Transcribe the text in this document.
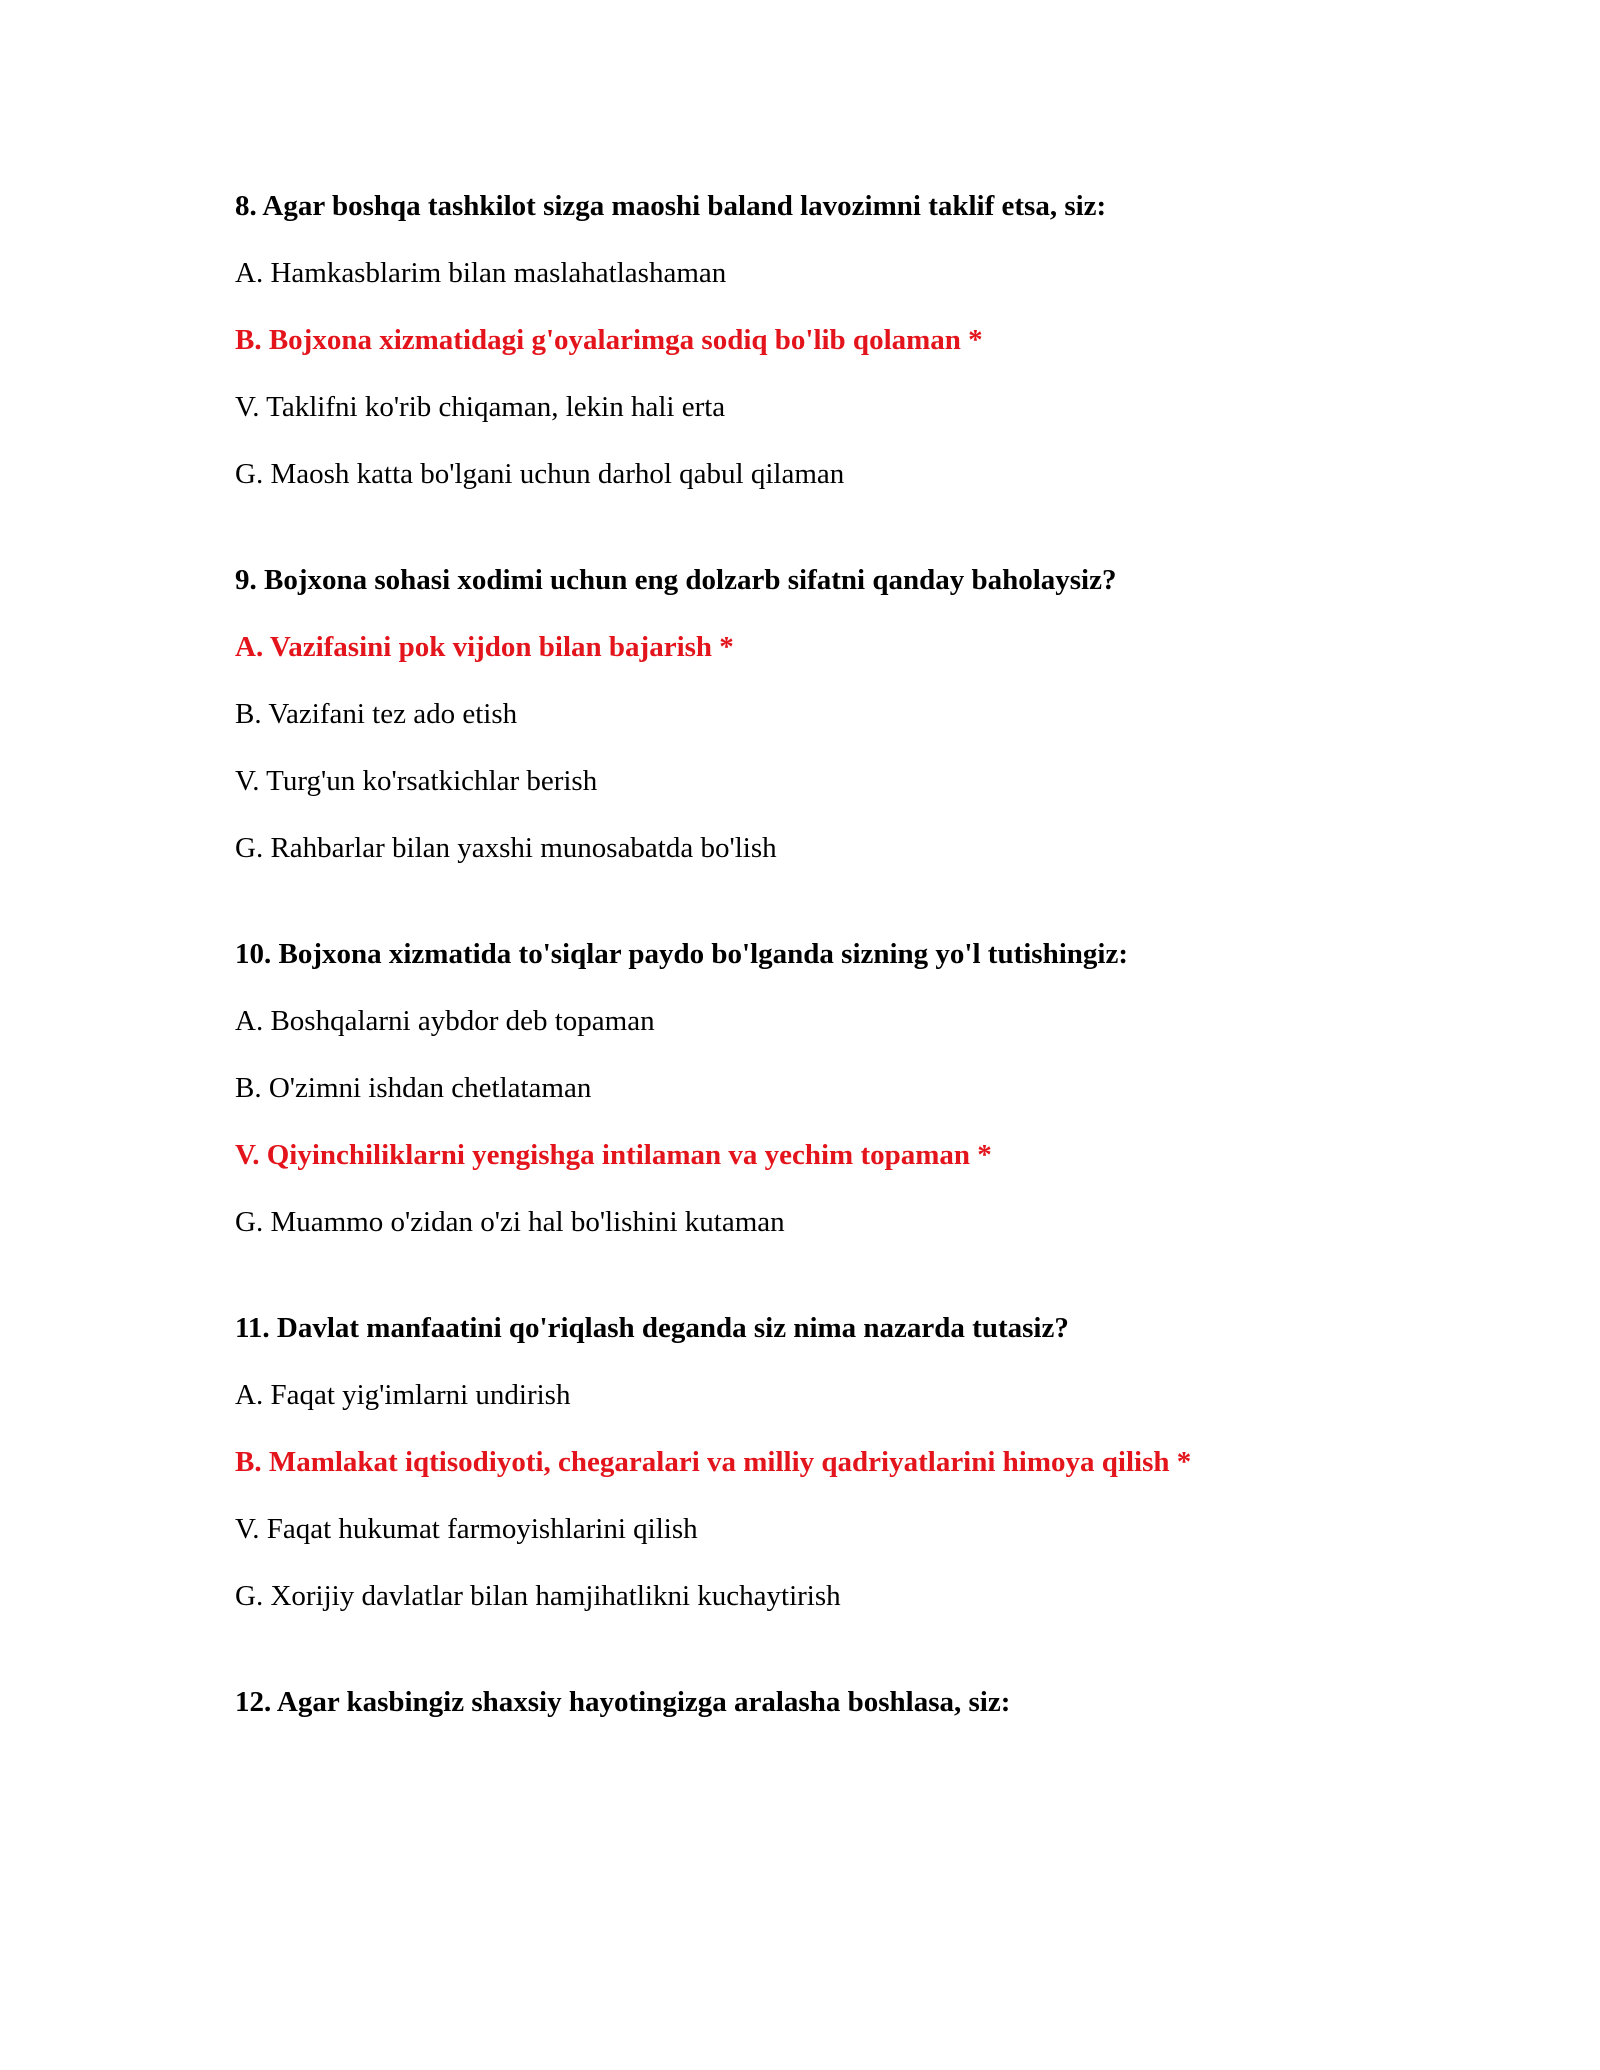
8. Agar boshqa tashkilot sizga maoshi baland lavozimni taklif etsa, siz:
A. Hamkasblarim bilan maslahatlashaman
B. Bojxona xizmatidagi g'oyalarimga sodiq bo'lib qolaman *
V. Taklifni ko'rib chiqaman, lekin hali erta
G. Maosh katta bo'lgani uchun darhol qabul qilaman
9. Bojxona sohasi xodimi uchun eng dolzarb sifatni qanday baholaysiz?
A. Vazifasini pok vijdon bilan bajarish *
B. Vazifani tez ado etish
V. Turg'un ko'rsatkichlar berish
G. Rahbarlar bilan yaxshi munosabatda bo'lish
10. Bojxona xizmatida to'siqlar paydo bo'lganda sizning yo'l tutishingiz:
A. Boshqalarni aybdor deb topaman
B. O'zimni ishdan chetlataman
V. Qiyinchiliklarni yengishga intilaman va yechim topaman *
G. Muammo o'zidan o'zi hal bo'lishini kutaman
11. Davlat manfaatini qo'riqlash deganda siz nima nazarda tutasiz?
A. Faqat yig'imlarni undirish
B. Mamlakat iqtisodiyoti, chegaralari va milliy qadriyatlarini himoya qilish *
V. Faqat hukumat farmoyishlarini qilish
G. Xorijiy davlatlar bilan hamjihatlikni kuchaytirish
12. Agar kasbingiz shaxsiy hayotingizga aralasha boshlasa, siz:
